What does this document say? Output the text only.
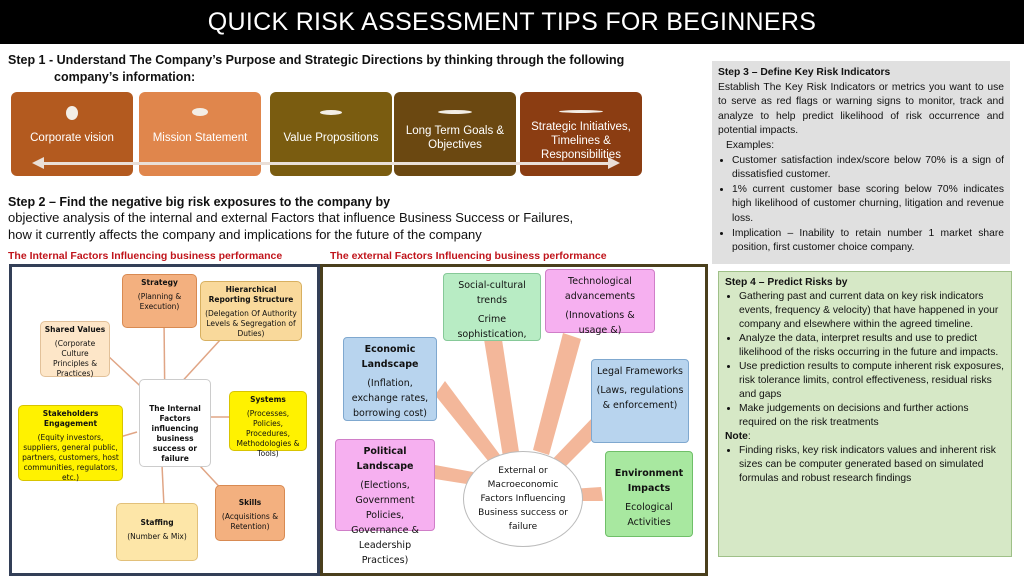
QUICK RISK ASSESSMENT TIPS FOR BEGINNERS
Step 1 - Understand The Company’s Purpose and Strategic Directions by thinking through the following
company’s information:
Corporate vision	Mission Statement	Value Propositions
Long Term Goals & Objectives
Strategic Initiatives, Timelines & Responsibilities
Step 2 – Find the negative big risk exposures to the company by
objective analysis of the internal and external Factors that influence Business Success or Failures,
how it currently affects the company and implications for the future of the company
The Internal Factors Influencing business performance	The external Factors Influencing business performance
Strategy
(Planning & Execution)
Hierarchical Reporting Structure
(Delegation Of Authority Levels & Segregation of Duties)
Shared Values
(Corporate Culture Principles & Practices)
The Internal Factors influencing business success or failure
Systems
(Processes, Policies, Procedures, Methodologies & Tools)
Stakeholders Engagement
(Equity investors, suppliers, general public, partners, customers, host communities, regulators, etc.)
Skills
(Acquisitions & Retention)
Staffing
(Number & Mix)
Social-cultural trends
Crime sophistication,
Technological advancements
(Innovations & usage &)
Economic Landscape
(Inflation, exchange rates, borrowing cost)
Legal Frameworks
(Laws, regulations & enforcement)
Political Landscape
(Elections, Government Policies, Governance & Leadership Practices)
External or Macroeconomic Factors Influencing Business success or failure
Environment Impacts
Ecological Activities
Step 3 – Define Key Risk Indicators
Establish The Key Risk Indicators or metrics you want to use to serve as red flags or warning signs to monitor, track and analyze to help predict likelihood of risk occurrence and potential impacts.
Examples:
• Customer satisfaction index/score below 70% is a sign of dissatisfied customer.
• 1% current customer base scoring below 70% indicates high likelihood of customer churning, litigation and revenue loss.
• Implication – Inability to retain number 1 market share position, first customer choice company.
Step 4 – Predict Risks by
• Gathering past and current data on key risk indicators events, frequency & velocity) that have happened in your company and elsewhere within the agreed timeline.
• Analyze the data, interpret results and use to predict likelihood of the risks occurring in the future and impacts.
• Use prediction results to compute inherent risk exposures, risk tolerance limits, control effectiveness, residual risks and gaps
• Make judgements on decisions and further actions required on the risk treatments
Note:
• Finding risks, key risk indicators values and inherent risk sizes can be computer generated based on simulated formulas and robust research findings
